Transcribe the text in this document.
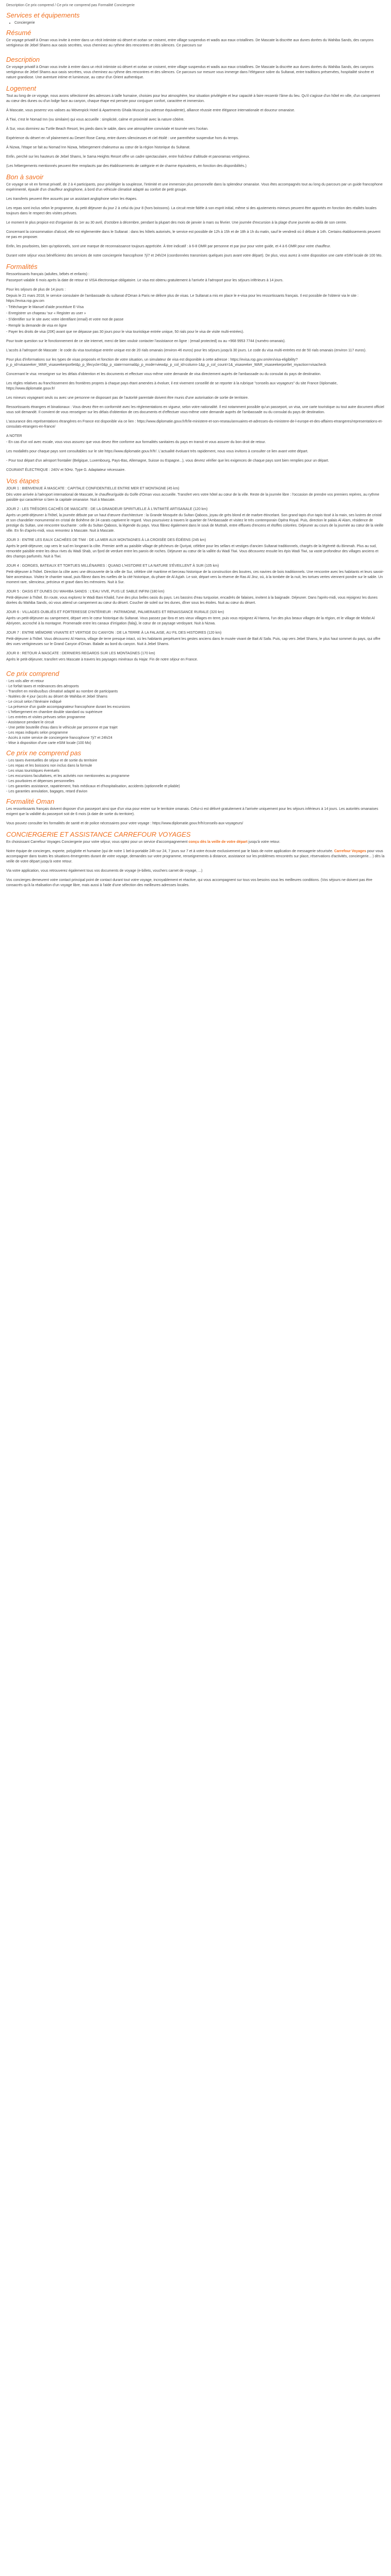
Description Ce prix comprend / Ce prix ne comprend pas Formalité Conciergerie
Services et équipements
• Conciergerie
Résumé

Ce voyage privatif à Oman vous invite à entrer dans un récit intimiste où désert et océan se croisent, entre village suspendus et wadis aux eaux cristallines. De Mascate la discrète aux dunes dorées du Wahiba Sands, des canyons vertigineux de Jebel Shams aux oasis secrètes, vous cheminez au rythme des rencontres et des silences. Ce parcours sur

Description

Ce voyage privatif à Oman vous invite à entrer dans un récit intimiste où désert et océan se croisent, entre village suspendus et wadis aux eaux cristallines. De Mascate la discrète aux dunes dorées du Wahiba Sands, des canyons vertigineux de Jebel Shams aux oasis secrètes, vous cheminez au rythme des rencontres et des silences. Ce parcours sur mesure vous immerge dans l'élégance sobre du Sultanat, entre traditions préservées, hospitalité sincère et nature grandiose. Une aventure intime et lumineuse, au cœur d'un Orient authentique.

Logement

Tout au long de ce voyage, nous avons sélectionné des adresses à taille humaine, choisies pour leur atmosphère, leur situation privilégiée et leur capacité à faire ressentir l'âme du lieu. Qu'il s'agisse d'un hôtel en ville, d'un campement au cœur des dunes ou d'un lodge face au canyon, chaque étape est pensée pour conjuguer confort, caractère et immersion.

À Mascate, vous poserez vos valises au Mövenpick Hotel & Apartments Ghala Muscat (ou adresse équivalente), alliance réussie entre élégance internationale et douceur omanaise.

À Tiwi, c'est le Nomad Inn (ou similaire) qui vous accueille : simplicité, calme et proximité avec la nature côtière.

À Sur, vous dormirez au Turtle Beach Resort, les pieds dans le sable, dans une atmosphère conviviale et tournée vers l'océan.

Expérience du désert en vif plainement au Desert Rose Camp, entre dunes silencieuses et ciel étoilé : une parenthèse suspendue hors du temps.

À Nizwa, l'étape se fait au Nomad Inn Nizwa, hébergement chaleureux au cœur de la région historique du Sultanat.

Enfin, perché sur les hauteurs de Jebel Shams, le Sama Heights Resort offre un cadre spectaculaire, entre fraîcheur d'altitude et panoramas vertigineux.

(Les hébergements mentionnés peuvent être remplacés par des établissements de catégorie et de charme équivalents, en fonction des disponibilités.)

Bon à savoir

Ce voyage se vit en format privatif, de 2 à 4 participants, pour privilégier la souplesse, l'intimité et une immersion plus personnelle dans la splendeur omanaise. Vous êtes accompagnés tout au long du parcours par un guide francophone expérimenté, épaulé d'un chauffeur anglophone, à bord d'un véhicule climatisé adapté au confort de petit groupe.

Les transferts peuvent être assurés par un assistant anglophone selon les étapes.

Les repas sont inclus selon le programme, du petit déjeuner du jour 2 à celui du jour 8 (hors boissons). La circuit reste fidèle à son esprit initial, même si des ajustements mineurs peuvent être apportés en fonction des réalités locales toujours dans le respect des visites prévues.

Le moment le plus propice est d'organiser du 1er au 30 avril, d'octobre à décembre, pendant la plupart des mois de janvier à mars ou février. Une journée d'excursion à la plage d'une journée au-delà de son centre.

Concernant la consommation d'alcool, elle est réglementée dans le Sultanat : dans les hôtels autorisés, le service est possible de 12h à 15h et de 18h à 1h du matin, sauf le vendredi où il débute à 14h. Certains établissements peuvent ne pas en proposer.

Enfin, les pourboires, bien qu'optionnels, sont une marque de reconnaissance toujours appréciée. À titre indicatif : à 6-8 OMR par personne et par jour pour votre guide, et 4 à 6 OMR pour votre chauffeur.

Durant votre séjour vous bénéficierez des services de notre conciergerie francophone 7j/7 et 24h/24 (coordonnées transmises quelques jours avant votre départ). De plus, vous aurez à votre disposition une carte eSIM locale de 100 Mo.

Formalités

Ressortissants français (adultes, bébés et enfants) :

Passeport valable 6 mois après la date de retour et VISA électronique obligatoire. Le visa est obtenu gratuitement à l'arrivée à l'aéroport pour les séjours inférieurs à 14 jours.

Pour les séjours de plus de 14 jours :

Depuis le 21 mars 2018, le service consulaire de l'ambassade du sultanat d'Oman à Paris ne délivre plus de visas. Le Sultanat a mis en place le e-visa pour les ressortissants français. Il est possible de l'obtenir via le site : https://evisa.rop.gov.om

- Télécharger le Manuel d'aide procédure E-Visa

- Enregistrer un chapeau 'sur « Register as user »

- S'identifier sur le site avec votre identifiant (email) et votre mot de passe

- Remplir la demande de visa en ligne

- Payer les droits de visa (20€) avant que ne dépasse pas 30 jours pour le visa touristique entrée unique, 50 rials pour le visa de visite multi-entrées).

Pour toute question sur le fonctionnement de ce site internet, merci de bien vouloir contacter l'assistance en ligne : (email protected) ou au +968 9953 7744 (numéro omanais).

L'accès à l'aéroport de Mascate : le code du visa touristique entrée unique est de 20 rials omanais (environ 46 euros) pour les séjours jusqu'à 30 jours. Le code du visa multi-entrées est de 50 rials omanais (environ 117 euros).

Pour plus d'informations sur les types de visas proposés et fonction de votre situation, un simulateur de visa est disponible à cette adresse : https://evisa.rop.gov.om/en/visa-eligibility?p_p_id=visaseeker_WAR_visaseekerportlet&p_p_lifecycle=0&p_p_state=normal&p_p_mode=view&p_p_col_id=column-1&p_p_col_count=1&_visaseeker_WAR_visaseekerportlet_myaction=visacheck

Concernant le visa: renseigner sur les délais d'obtention et les documents et effectuer vous-même votre demande de visa directement auprès de l'ambassade ou du consulat du pays de destination.

Les règles relatives au franchissement des frontières propres à chaque pays étant amenées à évoluer, il est vivement conseillé de se reporter à la rubrique "conseils aux voyageurs" du site France Diplomatie, https://www.diplomatie.gouv.fr/

Les mineurs voyageant seuls ou avec une personne ne disposant pas de l'autorité parentale doivent être munis d'une autorisation de sortie de territoire.

Ressortissants étrangers et binationaux : Vous devez être en conformité avec les réglementations en vigueur, selon votre nationalité. Il est notamment possible qu'un passeport, un visa, une carte touristique ou tout autre document officiel vous soit demandé. Il convient de vous renseigner sur les délais d'obtention de ces documents et d'effectuer vous-même votre demande auprès de l'ambassade ou du consulat du pays de destination.

L'assurance des représentations étrangères en France est disponible via ce lien : https://www.diplomatie.gouv.fr/fr/le-ministere-et-son-reseau/annuaires-et-adresses-du-ministere-de-l-europe-et-des-affaires-etrangeres/representations-et-consulats-etrangers-en-france/

A NOTER

- En cas d'un vol avec escale, vous vous assurez que vous devez être conforme aux formalités sanitaires du pays en transit et vous assurer du bon droit de retour.

Les modalités pour chaque pays sont consultables sur le site https://www.diplomatie.gouv.fr/fr/. L'actualité évoluant très rapidement, nous vous invitons à consulter ce lien avant votre départ.

- Pour tout départ d'un aéroport frontalier (Belgique, Luxembourg, Pays-Bas, Allemagne, Suisse ou Espagne...), vous devrez vérifier que les exigences de chaque pays sont bien remplies pour un départ.

COURANT ÉLECTRIQUE : 240V et 50Hz. Type G. Adaptateur nécessaire.

Vos étapes

JOUR 1 : BIENVENUE À MASCATE : CAPITALE CONFIDENTIELLE ENTRE MER ET MONTAGNE (45 km)

Dès votre arrivée à l'aéroport international de Mascate, le chauffeur/guide du Golfe d'Oman vous accueille. Transfert vers votre hôtel au cœur de la ville. Reste de la journée libre : l'occasion de prendre vos premiers repères, au rythme paisible qui caractérise si bien la capitale omanaise. Nuit à Mascate.

JOUR 2 : LES TRÉSORS CACHÉS DE MASCATE : DE LA GRANDEUR SPIRITUELLE À L'INTIMITÉ ARTISANALE (120 km)

Après un petit-déjeuner à l'hôtel, la journée débute par un haut d'œuvre d'architecture : la Grande Mosquée du Sultan Qaboos, joyau de grès blond et de marbre étincelant. Son grand tapis d'un tapis tissé à la main, ses lustres de cristal et son chandelier monumental en cristal de Bohême de 24 carats captivent le regard. Vous poursuivez à travers le quartier de l'Ambassade et visitez le très contemporain Opéra Royal. Puis, direction le palais Al Alam, résidence de prestige du Sultan, une rencontre touchante : celle du Sultan Qaboos, la légende du pays. Vous flânez également dans le souk de Muttrah, entre effluves d'encens et étoffes colorées. Déjeuner au cours de la journée au cœur de la vieille ville. En fin d'après-midi, vous remontez à Mascate. Nuit à Mascate.

JOUR 3 : ENTRE LES EAUX CACHÉES DE TIWI : DE LA MER AUX MONTAGNES À LA CROISÉE DES ÉDÉENS (245 km)

Après le petit-déjeuner, cap vers le sud en longeant la côte. Premier arrêt au paisible village de pêcheurs de Quriyat, célèbre pour les sellars et vestiges d'ancien Sultanat traditionnels, chargés de la légèreté du Bimmah. Plus au sud, remontée paisible entre les deux rives du Wadi Shab, un fjord de verdure entre les parois de roches. Déjeuner au cœur de la vallée du Wadi Tiwi. Vous découvrez ensuite les épis Wadi Tiwi, sa vaste profondeur des villages anciens et des champs parfumés. Nuit à Tiwi.

JOUR 4 : GORGES, BATEAUX ET TORTUES MILLÉNAIRES : QUAND L'HISTOIRE ET LA NATURE S'ÉVEILLENT À SUR (105 km)

Petit-déjeuner à l'hôtel. Direction la côte avec une découverte de la ville de Sur, célèbre cité maritime et berceau historique de la construction des boutres, ces navires de bois traditionnels. Une rencontre avec les habitants et leurs savoir-faire ancestraux. Visitez le chantier naval, puis flânez dans les ruelles de la cité historique, du phare de Al Ayjah. Le soir, départ vers la réserve de Ras Al Jinz, où, à la tombée de la nuit, les tortues vertes viennent pondre sur le sable. Un moment rare, silencieux, précieux et gravé dans les mémoires. Nuit à Sur.

JOUR 5 : OASIS ET DUNES DU WAHIBA SANDS : L'EAU VIVE, PUIS LE SABLE INFINI (180 km)

Petit-déjeuner à l'hôtel. En route, vous explorez le Wadi Bani Khalid, l'une des plus belles oasis du pays. Les bassins d'eau turquoise, encadrés de falaises, invitent à la baignade. Déjeuner. Dans l'après-midi, vous rejoignez les dunes dorées du Wahiba Sands, où vous attend un campement au cœur du désert. Coucher de soleil sur les dunes, dîner sous les étoiles. Nuit au cœur du désert.

JOUR 6 : VILLAGES OUBLIÉS ET FORTERESSE D'INTÉRIEUR : PATRIMOINE, PALMERAIES ET RENAISSANCE RURALE (320 km)

Après un petit-déjeuner au campement, départ vers le cœur historique du Sultanat. Vous passez par Ibra et ses vieux villages en terre, puis vous rejoignez Al Hamra, l'un des plus beaux villages de la région, et le village de Misfat Al Abriyeen, accroché à la montagne. Promenade entre les canaux d'irrigation (falaj), le cœur de ce paysage verdoyant. Nuit à Nizwa.

JOUR 7 : ENTRE MÉMOIRE VIVANTE ET VERTIGE DU CANYON : DE LA TERRE À LA FALAISE, AU FIL DES HISTOIRES (120 km)

Petit-déjeuner à l'hôtel. Vous découvrez Al Hamra, village de terre presque intact, où les habitants perpétuent les gestes anciens dans le musée vivant de Bait Al Safa. Puis, cap vers Jebel Shams, le plus haut sommet du pays, qui offre des vues vertigineuses sur le Grand Canyon d'Oman. Balade au bord du canyon. Nuit à Jebel Shams.

JOUR 8 : RETOUR À MASCATE : DERNIERS REGARDS SUR LES MONTAGNES (170 km)

Après le petit-déjeuner, transfert vers Mascate à travers les paysages minéraux du Hajar. Fin de notre séjour en France.

Ce prix comprend
- Les vols aller et retour
- Le forfait taxes et redevances des aéroports
- Transfert en minibus/bus climatisé adapté au nombre de participants
- Nuitées de 4 jour (accès au désert de Wahiba et Jebel Shams
- Le circuit selon l'itinéraire indiqué
- La présence d'un guide accompagnateur francophone durant les excursions
- L'hébergement en chambre double standard ou supérieure
- Les entrées et visites prévues selon programme
- Assistance pendant le circuit
- Une petite bouteille d'eau dans le véhicule par personne et par trajet
- Les repas indiqués selon programme
- Accès à notre service de conciergerie francophone 7j/7 et 24h/24
- Mise à disposition d'une carte eSIM locale (100 Mo)
Ce prix ne comprend pas
- Les taxes éventuelles de séjour et de sortie du territoire
- Les repas et les boissons non inclus dans la formule
- Les visas touristiques éventuels
- Les excursions facultatives, et les activités non mentionnées au programme
- Les pourboires et dépenses personnelles
- Les garanties assistance, rapatriement, frais médicaux et d'hospitalisation, accidents (optionnelle et pliable)
- Les garanties annulation, bagages, retard d'avion
Formalité Oman

Les ressortissants français doivent disposer d'un passeport ainsi que d'un visa pour entrer sur le territoire omanais. Celui-ci est délivré gratuitement à l'arrivée uniquement pour les séjours inférieurs à 14 jours. Les autorités omanaises exigent que la validité du passeport soit de 6 mois (à date de sortie du territoire).

Vous pouvez consulter les formalités de santé et de police nécessaires pour votre voyage : https://www.diplomatie.gouv.fr/fr/conseils-aux-voyageurs/

CONCIERGERIE ET ASSISTANCE CARREFOUR VOYAGES

En choisissant Carrefour Voyages Conciergerie pour votre séjour, vous optez pour un service d'accompagnement conçu dès la veille de votre départ jusqu'à votre retour.

Notre équipe de concierges, experte, polyglotte et humaine (qui de notre 1 bel-à-portable 24h sur 24, 7 jours sur 7 et à votre écoute exclusivement par le biais de notre application de messagerie sécurisée. Carrefour Voyages pour vous accompagner dans toutes les situations émergentes durant de votre voyage, demandes sur votre programme, renseignements à distance, assistance sur les problèmes rencontrés sur place, réservations d'activités, conciergerie... ) dès la veille de votre départ jusqu'à votre retour.

Via votre application, vous retrouverez également tous vos documents de voyage (e-billets, vouchers carnet de voyage, ...)

Vos concierges demeurent votre contact principal point de contact durant tout votre voyage, incroyablement et réactive, qui vous accompagnent sur tous vos besoins sous les meilleures conditions. (Vos séjours ne doivent pas être consacrés qu'à la réalisation d'un voyage libre, mais aussi à l'aide d'une sélection des meilleures adresses locales.
